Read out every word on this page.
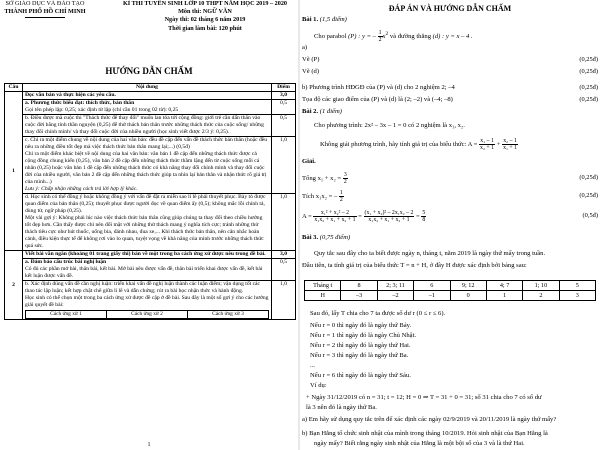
SỞ GIÁO DỤC VÀ ĐÀO TẠO
THÀNH PHỐ HỒ CHÍ MINH
KÌ THI TUYỂN SINH LỚP 10 THPT NĂM HỌC 2019 – 2020
Môn thi: NGỮ VĂN
Ngày thi: 02 tháng 6 năm 2019
Thời gian làm bài: 120 phút
HƯỚNG DẪN CHẤM
Câu	Nội dung	Điểm
1	Đọc văn bản và thực hiện các yêu cầu.	3,0

a. Phương thức biểu đạt: thích thức, bản thân
Gọi tên phép lập: 0,25; xác định từ lập (chỉ cần 01 trong 02 từ): 0,25
	0,5
b. Điều được mà cuộc thi "Thách thức để thay đổi" muốn lan tỏa tới cộng đồng: giới trẻ cần dấn thân vào cuộc đời bằng tinh thần nguyện (0,25) để thử thách bản thân trước những thách thức của cuộc sống/ những thay đổi chính mình/ và thay đổi cuộc đời của nhiều người (học sinh viết được 2/3 ý: 0,25).	0,5

c. Chỉ ra một điểm chung về nội dung của hai văn bản: đều đề cập đến vấn đề thách thức bản thân (hoặc đều nêu ra những điều tốt đẹp mà việc thách thức bản thân mang lại;...) (0,5đ)
Chỉ ra một điểm khác biệt về nội dung của hai văn bản: văn bản 1 đề cập đến những thách thức được cả cộng đồng chung kiến (0,25), văn bản 2 đề cập đến những thách thức thầm lặng đến từ cuộc sống mỗi cá nhân (0,25) hoặc văn bản 1 đề cập đến những thách thức có khả năng thay đổi chính mình và thay đổi cuộc đời của nhiều người, văn bản 2 đề cập đến những thách thức giúp ta nhìn lại bản thân và nhận thức rõ giá trị của mình...)
Lưu ý: Chấp nhận những cách trả lời hợp lý khác.
	1,0

d. Học sinh có thể đồng ý hoặc không đồng ý với vấn đề đặt ra miễn sao lí lẽ phải thuyết phục. Bày tỏ được quan điểm của bản thân (0,25); thuyết phục được người đọc về quan điểm ấy (0,5); không mắc lỗi chính tả, dùng từ, ngữ pháp (0,25).
Một vài gợi ý: Không phải lúc nào việc thách thức bản thân cũng giúp chúng ta thay đổi theo chiều hướng tốt đẹp hơn. Cần thấy được chỉ nên đối mặt với những thử thách mang ý nghĩa tích cực; tránh những thử thách tiêu cực như hút thuốc, uống bia, đánh nhau, đua xe,... Khi thách thức bản thân, nên cân nhắc hoàn cảnh, điều kiện thực tế để không rơi vào lo quan, tuyệt vọng về khả năng của mình trước những thách thức quá sức.
	1,0
2	Viết bài văn ngắn (khoảng 01 trang giấy thi) bàn về một trong ba cách ứng xử được nêu trong đề bài.	3,0

a. Đảm bảo cấu trúc bài nghị luận
Có đủ các phần mở bài, thân bài, kết bài. Mở bài nêu được vấn đề, thân bài triển khai được vấn đề, kết bài kết luận được vấn đề.
	0,5

b. Xác định đúng vấn đề cần nghị luận: triển khai vấn đề nghị luận thành các luận điểm; vận dụng tốt các thao tác lập luận; kết hợp chặt chẽ giữa lí lẽ và dẫn chứng; rút ra bài học nhận thức và hành động.
Học sinh có thể chọn một trong ba cách ứng xử được đề cập ở đề bài. Sau đây là một số gợi ý cho các hướng giải quyết đề bài:
Cách ứng xử 1	Cách ứng xử 2	Cách ứng xử 3
	1,0
1
ĐÁP ÁN VÀ HƯỚNG DẪN CHẤM
Bài 1. (1,5 điểm)
Cho parabol (P) : y = – $\frac{1}{2} x^2$ và đường thẳng (d) : y = x – 4 .
a)
Vẽ (P)	(0,25đ)
Vẽ (d)	(0,25đ)
b) Phương trình HĐGĐ của (P) và (d) cho 2 nghiệm 2; –4	(0,25đ)
Tọa độ các giao điểm của (P) và (d) là (2; –2) và (–4; –8)	(0,25đ)
Bài 2. (1 điểm)
Cho phương trình: 2x² – 3x – 1 = 0 có 2 nghiệm là x₁, x₂.
Không giải phương trình, hãy tính giá trị của biểu thức: $A = \frac{\text{x₁ – 1}}{\text{x₂ + 1}} + \frac{\text{x₂ – 1}}{\text{x₁ + 1}}$
Giải.
Tổng $x_1 + x_2 = \frac{3}{2}$	(0,25đ)
Tích x₁x₂ = – $\frac{1}{2}$	(0,25đ)
$A = \frac{\text{x₁² + x₂² – 2}}{\text{x₁x₂ + x₁ + x₂ + 1}} = \frac{\text{(x₁ + x₂)² – 2x₁x₂ – 2}}{\text{x₁x₂ + x₁ + x₂ + 1}} = \frac{5}{8}$	(0,5đ)
Bài 3. (0,75 điểm)
Quy tắc sau đây cho ta biết được ngày n, tháng t, năm 2019 là ngày thứ mấy trong tuần.
Đầu tiên, ta tính giá trị của biểu thức T = n + H, ở đây H được xác định bởi bảng sau:
Tháng t	8	2; 3; 11	6	9; 12	4; 7	1; 10	5
H	–3	–2	–1	0	1	2	3
Sau đó, lấy T chia cho 7 ta được số dư r (0 ≤ r ≤ 6).
Nếu r = 0 thì ngày đó là ngày thứ Bảy.
Nếu r = 1 thì ngày đó là ngày Chủ Nhật.
Nếu r = 2 thì ngày đó là ngày thứ Hai.
Nếu r = 3 thì ngày đó là ngày thứ Ba.
...
Nếu r = 6 thì ngày đó là ngày thứ Sáu.
Ví dụ:
+ Ngày 31/12/2019 có n = 31; t = 12; H = 0 ⇒ T = 31 + 0 = 31; số 31 chia cho 7 có số dư
là 3 nên đó là ngày thứ Ba.
a) Em hãy sử dụng quy tắc trên để xác định các ngày 02/9/2019 và 20/11/2019 là ngày thứ mấy?
b) Bạn Hằng tổ chức sinh nhật của mình trong tháng 10/2019. Hỏi sinh nhật của Bạn Hằng là
ngày mấy? Biết rằng ngày sinh nhật của Hằng là một bội số của 3 và là thứ Hai.
